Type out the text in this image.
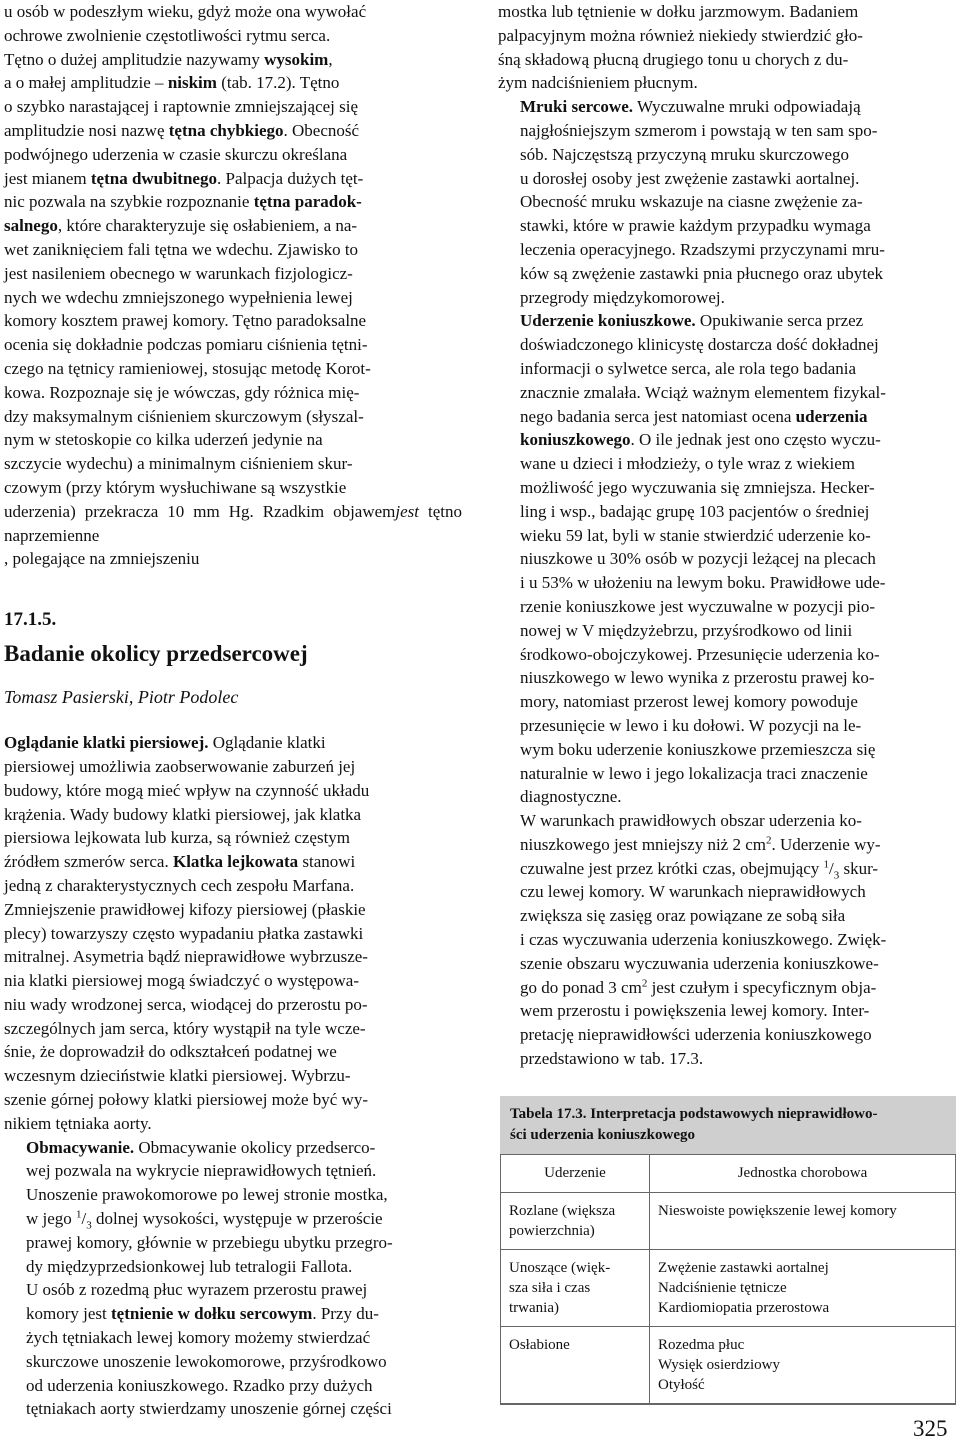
u osób w podeszłym wieku, gdyż może ona wywołać
ochrowe zwolnienie częstotliwości rytmu serca.
Tętno o dużej amplitudzie nazywamy wysokim,
a o małej amplitudzie – niskim (tab. 17.2). Tętno
o szybko narastającej i raptownie zmniejszającej się
amplitudzie nosi nazwę tętna chybkiego. Obecność
podwójnego uderzenia w czasie skurczu określana
jest mianem tętna dwubitnego. Palpacja dużych tęt-
nic pozwala na szybkie rozpoznanie tętna paradok-
salnego, które charakteryzuje się osłabieniem, a na-
wet zaniknięciem fali tętna we wdechu. Zjawisko to
jest nasileniem obecnego w warunkach fizjologicz-
nych we wdechu zmniejszonego wypełnienia lewej
komory kosztem prawej komory. Tętno paradoksalne
ocenia się dokładnie podczas pomiaru ciśnienia tętni-
czego na tętnicy ramieniowej, stosując metodę Korot-
kowa. Rozpoznaje się je wówczas, gdy różnica mię-
dzy maksymalnym ciśnieniem skurczowym (słyszal-
nym w stetoskopie co kilka uderzeń jedynie na
szczycie wydechu) a minimalnym ciśnieniem skur-
czowym (przy którym wysłuchiwane są wszystkie
uderzenia) przekracza 10 mm Hg. Rzadkim objawemjest tętno naprzemienne
, polegające na zmniejszeniu

17.1.5.
Badanie okolicy przedsercowej
Tomasz Pasierski, Piotr Podolec

Oglądanie klatki piersiowej. Oglądanie klatki
piersiowej umożliwia zaobserwowanie zaburzeń jej
budowy, które mogą mieć wpływ na czynność układu
krążenia. Wady budowy klatki piersiowej, jak klatka
piersiowa lejkowata lub kurza, są również częstym
źródłem szmerów serca. Klatka lejkowata stanowi
jedną z charakterystycznych cech zespołu Marfana.
Zmniejszenie prawidłowej kifozy piersiowej (płaskie
plecy) towarzyszy często wypadaniu płatka zastawki
mitralnej. Asymetria bądź nieprawidłowe wybrzusze-
nia klatki piersiowej mogą świadczyć o występowa-
niu wady wrodzonej serca, wiodącej do przerostu po-
szczególnych jam serca, który wystąpił na tyle wcze-
śnie, że doprowadził do odkształceń podatnej we
wczesnym dzieciństwie klatki piersiowej. Wybrzu-
szenie górnej połowy klatki piersiowej może być wy-
nikiem tętniaka aorty.

Obmacywanie. Obmacywanie okolicy przedserco-
wej pozwala na wykrycie nieprawidłowych tętnień.
Unoszenie prawokomorowe po lewej stronie mostka,
w jego $^1/_3$ dolnej wysokości, występuje w przeroście
prawej komory, głównie w przebiegu ubytku przegro-
dy międzyprzedsionkowej lub tetralogii Fallota.
U osób z rozedmą płuc wyrazem przerostu prawej
komory jest tętnienie w dołku sercowym. Przy du-
żych tętniakach lewej komory możemy stwierdzać
skurczowe unoszenie lewokomorowe, przyśrodkowo
od uderzenia koniuszkowego. Rzadko przy dużych
tętniakach aorty stwierdzamy unoszenie górnej części

mostka lub tętnienie w dołku jarzmowym. Badaniem
palpacyjnym można również niekiedy stwierdzić gło-
śną składową płucną drugiego tonu u chorych z du-
żym nadciśnieniem płucnym.

Mruki sercowe. Wyczuwalne mruki odpowiadają
najgłośniejszym szmerom i powstają w ten sam spo-
sób. Najczęstszą przyczyną mruku skurczowego
u dorosłej osoby jest zwężenie zastawki aortalnej.
Obecność mruku wskazuje na ciasne zwężenie za-
stawki, które w prawie każdym przypadku wymaga
leczenia operacyjnego. Rzadszymi przyczynami mru-
ków są zwężenie zastawki pnia płucnego oraz ubytek
przegrody międzykomorowej.

Uderzenie koniuszkowe. Opukiwanie serca przez
doświadczonego klinicystę dostarcza dość dokładnej
informacji o sylwetce serca, ale rola tego badania
znacznie zmalała. Wciąż ważnym elementem fizykal-
nego badania serca jest natomiast ocena uderzenia
koniuszkowego. O ile jednak jest ono często wyczu-
wane u dzieci i młodzieży, o tyle wraz z wiekiem
możliwość jego wyczuwania się zmniejsza. Hecker-
ling i wsp., badając grupę 103 pacjentów o średniej
wieku 59 lat, byli w stanie stwierdzić uderzenie ko-
niuszkowe u 30% osób w pozycji leżącej na plecach
i u 53% w ułożeniu na lewym boku. Prawidłowe ude-
rzenie koniuszkowe jest wyczuwalne w pozycji pio-
nowej w V międzyżebrzu, przyśrodkowo od linii
środkowo-obojczykowej. Przesunięcie uderzenia ko-
niuszkowego w lewo wynika z przerostu prawej ko-
mory, natomiast przerost lewej komory powoduje
przesunięcie w lewo i ku dołowi. W pozycji na le-
wym boku uderzenie koniuszkowe przemieszcza się
naturalnie w lewo i jego lokalizacja traci znaczenie
diagnostyczne.

W warunkach prawidłowych obszar uderzenia ko-
niuszkowego jest mniejszy niż 2 $cm^2$. Uderzenie wy-
czuwalne jest przez krótki czas, obejmujący $^1/_3$ skur-
czu lewej komory. W warunkach nieprawidłowych
zwiększa się zasięg oraz powiązane ze sobą siła
i czas wyczuwania uderzenia koniuszkowego. Zwięk-
szenie obszaru wyczuwania uderzenia koniuszkowe-
go do ponad 3 $cm^2$ jest czułym i specyficznym obja-
wem przerostu i powiększenia lewej komory. Inter-
pretację nieprawidłowści uderzenia koniuszkowego
przedstawiono w tab. 17.3.

Tabela 17.3. Interpretacja podstawowych nieprawidłowo-
ści uderzenia koniuszkowego
Uderzenie	Jednostka chorobowa

Rozlane (większa
powierzchnia)	Nieswoiste powiększenie lewej komory

Unoszące (więk-
sza siła i czas
trwania)	Zwężenie zastawki aortalnej
Nadciśnienie tętnicze
Kardiomiopatia przerostowa

Osłabione	Rozedma płuc
Wysięk osierdziowy
Otyłość
325
